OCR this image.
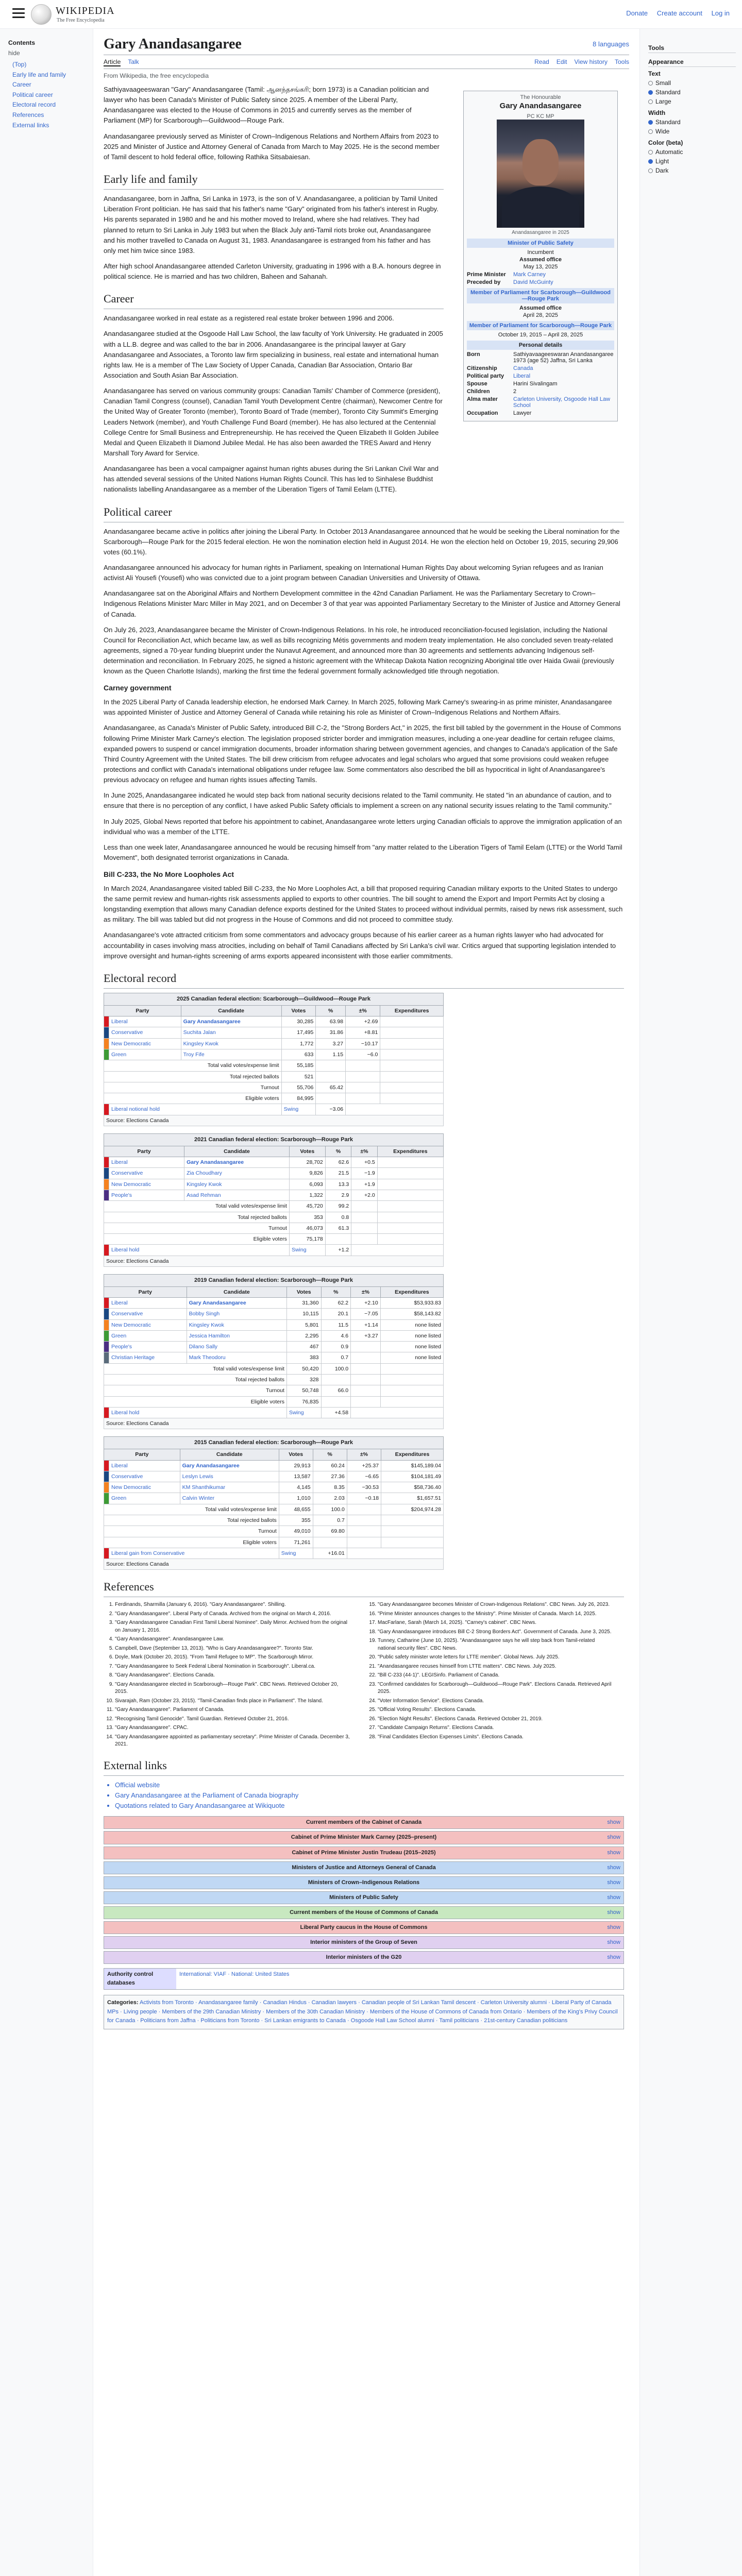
WIKIPEDIA
The Free Encyclopedia
Donate Create account Log in
Contents
hide
(Top)
Early life and family
Career
Political career
Electoral record
References
External links
Gary Anandasangaree	8 languages
Article Talk	Read Edit View history Tools
From Wikipedia, the free encyclopedia
The Honourable
Gary Anandasangaree
PC KC MP
Anandasangaree in 2025
Minister of Public Safety
Incumbent
Assumed office
May 13, 2025
Prime Minister	Mark Carney
Preceded by	David McGuinty
Member of Parliament for Scarborough—Guildwood—Rouge Park
Assumed office
April 28, 2025
Member of Parliament for Scarborough—Rouge Park
October 19, 2015 – April 28, 2025
Personal details
Born	Sathiyavaageeswaran Anandasangaree 1973 (age 52) Jaffna, Sri Lanka
Citizenship	Canada
Political party	Liberal
Spouse	Harini Sivalingam
Children	2
Alma mater	Carleton University, Osgoode Hall Law School
Occupation	Lawyer

Sathiyavaageeswaran "Gary" Anandasangaree (Tamil: ஆனந்தசங்கரி; born 1973) is a Canadian politician and lawyer who has been Canada's Minister of Public Safety since 2025. A member of the Liberal Party, Anandasangaree was elected to the House of Commons in 2015 and currently serves as the member of Parliament (MP) for Scarborough—Guildwood—Rouge Park.

Anandasangaree previously served as Minister of Crown–Indigenous Relations and Northern Affairs from 2023 to 2025 and Minister of Justice and Attorney General of Canada from March to May 2025. He is the second member of Tamil descent to hold federal office, following Rathika Sitsabaiesan.

Early life and family

Anandasangaree, born in Jaffna, Sri Lanka in 1973, is the son of V. Anandasangaree, a politician by Tamil United Liberation Front politician. He has said that his father's name "Gary" originated from his father's interest in Rugby. His parents separated in 1980 and he and his mother moved to Ireland, where she had relatives. They had planned to return to Sri Lanka in July 1983 but when the Black July anti-Tamil riots broke out, Anandasangaree and his mother travelled to Canada on August 31, 1983. Anandasangaree is estranged from his father and has only met him twice since 1983.

After high school Anandasangaree attended Carleton University, graduating in 1996 with a B.A. honours degree in political science. He is married and has two children, Baheen and Sahanah.

Career

Anandasangaree worked in real estate as a registered real estate broker between 1996 and 2006.

Anandasangaree studied at the Osgoode Hall Law School, the law faculty of York University. He graduated in 2005 with a LL.B. degree and was called to the bar in 2006. Anandasangaree is the principal lawyer at Gary Anandasangaree and Associates, a Toronto law firm specializing in business, real estate and international human rights law. He is a member of The Law Society of Upper Canada, Canadian Bar Association, Ontario Bar Association and South Asian Bar Association.

Anandasangaree has served on various community groups: Canadian Tamils' Chamber of Commerce (president), Canadian Tamil Congress (counsel), Canadian Tamil Youth Development Centre (chairman), Newcomer Centre for the United Way of Greater Toronto (member), Toronto Board of Trade (member), Toronto City Summit's Emerging Leaders Network (member), and Youth Challenge Fund Board (member). He has also lectured at the Centennial College Centre for Small Business and Entrepreneurship. He has received the Queen Elizabeth II Golden Jubilee Medal and Queen Elizabeth II Diamond Jubilee Medal. He has also been awarded the TRES Award and Henry Marshall Tory Award for Service.

Anandasangaree has been a vocal campaigner against human rights abuses during the Sri Lankan Civil War and has attended several sessions of the United Nations Human Rights Council. This has led to Sinhalese Buddhist nationalists labelling Anandasangaree as a member of the Liberation Tigers of Tamil Eelam (LTTE).

Political career

Anandasangaree became active in politics after joining the Liberal Party. In October 2013 Anandasangaree announced that he would be seeking the Liberal nomination for the Scarborough—Rouge Park for the 2015 federal election. He won the nomination election held in August 2014. He won the election held on October 19, 2015, securing 29,906 votes (60.1%).

Anandasangaree announced his advocacy for human rights in Parliament, speaking on International Human Rights Day about welcoming Syrian refugees and as Iranian activist Ali Yousefi (Yousefi) who was convicted due to a joint program between Canadian Universities and University of Ottawa.

Anandasangaree sat on the Aboriginal Affairs and Northern Development committee in the 42nd Canadian Parliament. He was the Parliamentary Secretary to Crown–Indigenous Relations Minister Marc Miller in May 2021, and on December 3 of that year was appointed Parliamentary Secretary to the Minister of Justice and Attorney General of Canada.

On July 26, 2023, Anandasangaree became the Minister of Crown-Indigenous Relations. In his role, he introduced reconciliation-focused legislation, including the National Council for Reconciliation Act, which became law, as well as bills recognizing Métis governments and modern treaty implementation. He also concluded seven treaty-related agreements, signed a 70-year funding blueprint under the Nunavut Agreement, and announced more than 30 agreements and settlements advancing Indigenous self-determination and reconciliation. In February 2025, he signed a historic agreement with the Whitecap Dakota Nation recognizing Aboriginal title over Haida Gwaii (previously known as the Queen Charlotte Islands), marking the first time the federal government formally acknowledged title through negotiation.

Carney government

In the 2025 Liberal Party of Canada leadership election, he endorsed Mark Carney. In March 2025, following Mark Carney's swearing-in as prime minister, Anandasangaree was appointed Minister of Justice and Attorney General of Canada while retaining his role as Minister of Crown–Indigenous Relations and Northern Affairs.

Anandasangaree, as Canada's Minister of Public Safety, introduced Bill C-2, the "Strong Borders Act," in 2025, the first bill tabled by the government in the House of Commons following Prime Minister Mark Carney's election. The legislation proposed stricter border and immigration measures, including a one-year deadline for certain refugee claims, expanded powers to suspend or cancel immigration documents, broader information sharing between government agencies, and changes to Canada's application of the Safe Third Country Agreement with the United States. The bill drew criticism from refugee advocates and legal scholars who argued that some provisions could weaken refugee protections and conflict with Canada's international obligations under refugee law. Some commentators also described the bill as hypocritical in light of Anandasangaree's previous advocacy on refugee and human rights issues affecting Tamils.

In June 2025, Anandasangaree indicated he would step back from national security decisions related to the Tamil community. He stated "in an abundance of caution, and to ensure that there is no perception of any conflict, I have asked Public Safety officials to implement a screen on any national security issues relating to the Tamil community."

In July 2025, Global News reported that before his appointment to cabinet, Anandasangaree wrote letters urging Canadian officials to approve the immigration application of an individual who was a member of the LTTE.

Less than one week later, Anandasangaree announced he would be recusing himself from "any matter related to the Liberation Tigers of Tamil Eelam (LTTE) or the World Tamil Movement", both designated terrorist organizations in Canada.

Bill C-233, the No More Loopholes Act

In March 2024, Anandasangaree visited tabled Bill C-233, the No More Loopholes Act, a bill that proposed requiring Canadian military exports to the United States to undergo the same permit review and human-rights risk assessments applied to exports to other countries. The bill sought to amend the Export and Import Permits Act by closing a longstanding exemption that allows many Canadian defence exports destined for the United States to proceed without individual permits, raised by news risk assessment, such as military. The bill was tabled but did not progress in the House of Commons and did not proceed to committee study.

Anandasangaree's vote attracted criticism from some commentators and advocacy groups because of his earlier career as a human rights lawyer who had advocated for accountability in cases involving mass atrocities, including on behalf of Tamil Canadians affected by Sri Lanka's civil war. Critics argued that supporting legislation intended to improve oversight and human-rights screening of arms exports appeared inconsistent with those earlier commitments.

Electoral record
2025 Canadian federal election: Scarborough—Guildwood—Rouge Park
Party		Candidate	Votes	%	±%	Expenditures
	Liberal	Gary Anandasangaree	30,285	63.98	+2.69	
	Conservative	Suchita Jalan	17,495	31.86	+8.81	
	New Democratic	Kingsley Kwok	1,772	3.27	−10.17	
	Green	Troy Fife	633	1.15	−6.0	
Total valid votes/expense limit			55,185			
Total rejected ballots			521			
Turnout			55,706	65.42		
Eligible voters			84,995			
	Liberal notional hold		Swing	−3.06		
Source: Elections Canada						
2021 Canadian federal election: Scarborough—Rouge Park
Party		Candidate	Votes	%	±%	Expenditures
	Liberal	Gary Anandasangaree	28,702	62.6	+0.5	
	Conservative	Zia Choudhary	9,826	21.5	−1.9	
	New Democratic	Kingsley Kwok	6,093	13.3	+1.9	
	People's	Asad Rehman	1,322	2.9	+2.0	
Total valid votes/expense limit			45,720	99.2		
Total rejected ballots			353	0.8		
Turnout			46,073	61.3		
Eligible voters			75,178			
	Liberal hold		Swing	+1.2		
Source: Elections Canada						
2019 Canadian federal election: Scarborough—Rouge Park
Party		Candidate	Votes	%	±%	Expenditures
	Liberal	Gary Anandasangaree	31,360	62.2	+2.10	$53,933.83
	Conservative	Bobby Singh	10,115	20.1	−7.05	$58,143.82
	New Democratic	Kingsley Kwok	5,801	11.5	+1.14	none listed
	Green	Jessica Hamilton	2,295	4.6	+3.27	none listed
	People's	Dilano Sally	467	0.9		none listed
	Christian Heritage	Mark Theodoru	383	0.7		none listed
Total valid votes/expense limit			50,420	100.0		
Total rejected ballots			328			
Turnout			50,748	66.0		
Eligible voters			76,835			
	Liberal hold		Swing	+4.58		
Source: Elections Canada						
2015 Canadian federal election: Scarborough—Rouge Park
Party		Candidate	Votes	%	±%	Expenditures
	Liberal	Gary Anandasangaree	29,913	60.24	+25.37	$145,189.04
	Conservative	Leslyn Lewis	13,587	27.36	−6.65	$104,181.49
	New Democratic	KM Shanthikumar	4,145	8.35	−30.53	$58,736.40
	Green	Calvin Winter	1,010	2.03	−0.18	$1,657.51
Total valid votes/expense limit			48,655	100.0		$204,974.28
Total rejected ballots			355	0.7		
Turnout			49,010	69.80		
Eligible voters			71,261			
	Liberal gain from Conservative		Swing	+16.01		
Source: Elections Canada						
References
1. Ferdinands, Sharmilla (January 6, 2016). "Gary Anandasangaree". Shilling.
2. "Gary Anandasangaree". Liberal Party of Canada. Archived from the original on March 4, 2016.
3. "Gary Anandasangaree Canadian First Tamil Liberal Nominee". Daily Mirror. Archived from the original on January 1, 2016.
4. "Gary Anandasangaree". Anandasangaree Law.
5. Campbell, Dave (September 13, 2013). "Who is Gary Anandasangaree?". Toronto Star.
6. Doyle, Mark (October 20, 2015). "From Tamil Refugee to MP". The Scarborough Mirror.
7. "Gary Anandasangaree to Seek Federal Liberal Nomination in Scarborough". Liberal.ca.
8. "Gary Anandasangaree". Elections Canada.
9. "Gary Anandasangaree elected in Scarborough—Rouge Park". CBC News. Retrieved October 20, 2015.
10. Sivarajah, Ram (October 23, 2015). "Tamil-Canadian finds place in Parliament". The Island.
11. "Gary Anandasangaree". Parliament of Canada.
12. "Recognising Tamil Genocide". Tamil Guardian. Retrieved October 21, 2016.
13. "Gary Anandasangaree". CPAC.
14. "Gary Anandasangaree appointed as parliamentary secretary". Prime Minister of Canada. December 3, 2021.
15. "Gary Anandasangaree becomes Minister of Crown-Indigenous Relations". CBC News. July 26, 2023.
16. "Prime Minister announces changes to the Ministry". Prime Minister of Canada. March 14, 2025.
17. MacFarlane, Sarah (March 14, 2025). "Carney's cabinet". CBC News.
18. "Gary Anandasangaree introduces Bill C-2 Strong Borders Act". Government of Canada. June 3, 2025.
19. Tunney, Catharine (June 10, 2025). "Anandasangaree says he will step back from Tamil-related national security files". CBC News.
20. "Public safety minister wrote letters for LTTE member". Global News. July 2025.
21. "Anandasangaree recuses himself from LTTE matters". CBC News. July 2025.
22. "Bill C-233 (44-1)". LEGISinfo. Parliament of Canada.
23. "Confirmed candidates for Scarborough—Guildwood—Rouge Park". Elections Canada. Retrieved April 2025.
24. "Voter Information Service". Elections Canada.
25. "Official Voting Results". Elections Canada.
26. "Election Night Results". Elections Canada. Retrieved October 21, 2019.
27. "Candidate Campaign Returns". Elections Canada.
28. "Final Candidates Election Expenses Limits". Elections Canada.
External links
• Official website
• Gary Anandasangaree at the Parliament of Canada biography
• Quotations related to Gary Anandasangaree at Wikiquote
Current members of the Cabinet of Canada	show
Cabinet of Prime Minister Mark Carney (2025–present)	show
Cabinet of Prime Minister Justin Trudeau (2015–2025)	show
Ministers of Justice and Attorneys General of Canada	show
Ministers of Crown–Indigenous Relations	show
Ministers of Public Safety	show
Current members of the House of Commons of Canada	show
Liberal Party caucus in the House of Commons	show
Interior ministers of the Group of Seven	show
Interior ministers of the G20	show
Authority control databases
International: VIAF · National: United States
Categories: Activists from Toronto · Anandasangaree family · Canadian Hindus · Canadian lawyers · Canadian people of Sri Lankan Tamil descent · Carleton University alumni · Liberal Party of Canada MPs · Living people · Members of the 29th Canadian Ministry · Members of the 30th Canadian Ministry · Members of the House of Commons of Canada from Ontario · Members of the King's Privy Council for Canada · Politicians from Jaffna · Politicians from Toronto · Sri Lankan emigrants to Canada · Osgoode Hall Law School alumni · Tamil politicians · 21st-century Canadian politicians
Tools
Appearance
Text
Small
Standard
Large
Width
Standard
Wide
Color (beta)
Automatic
Light
Dark
